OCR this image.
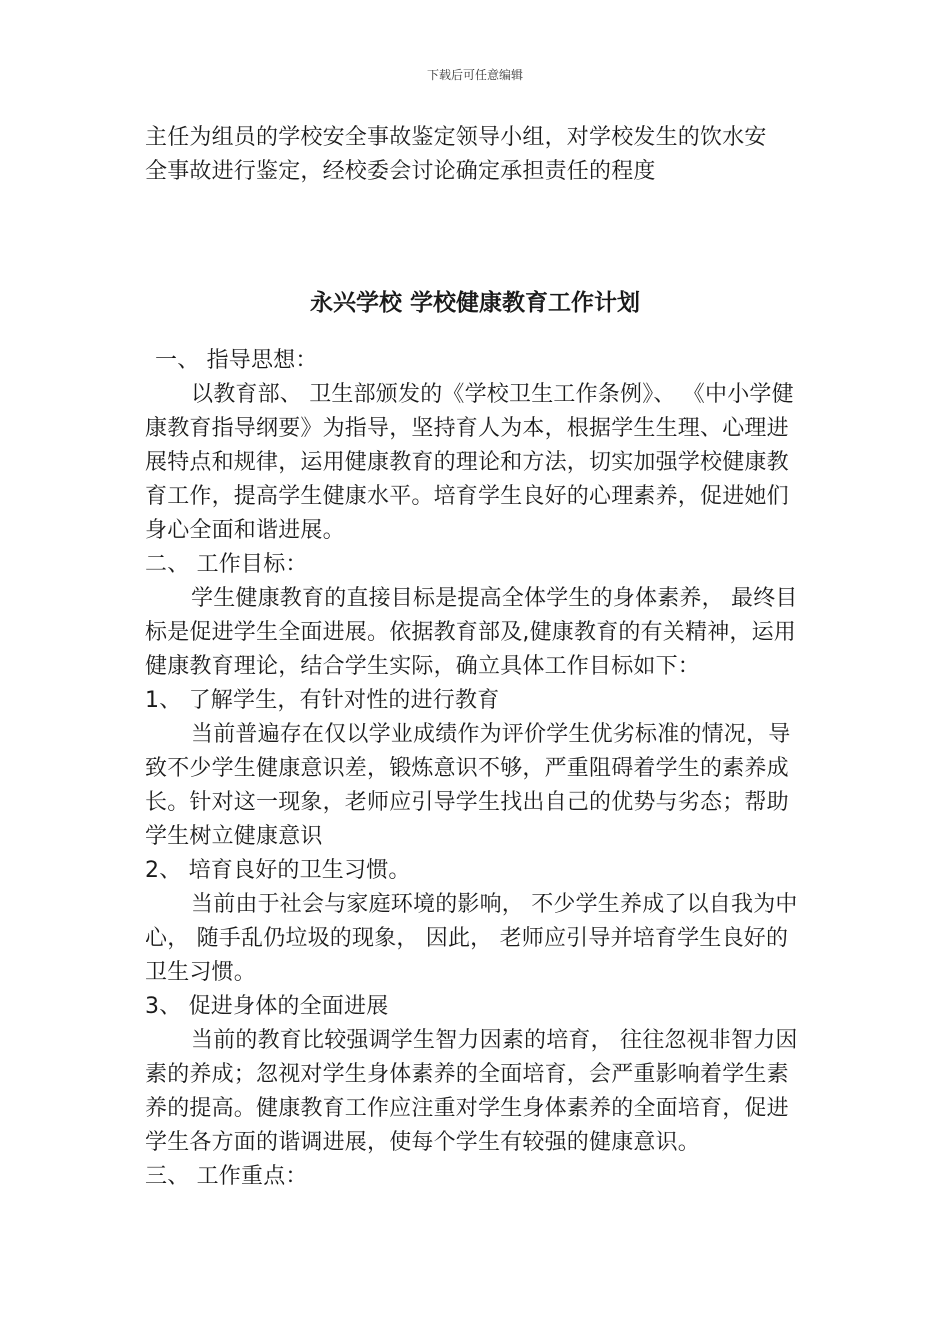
下载后可任意编辑

主任为组员的学校安全事故鉴定领导小组，对学校发生的饮水安

全事故进行鉴定，经校委会讨论确定承担责任的程度

永兴学校 学校健康教育工作计划

一、 指导思想：

以教育部、 卫生部颁发的《学校卫生工作条例》、 《中小学健康教育指导纲要》为指导，坚持育人为本，根据学生生理、心理进展特点和规律，运用健康教育的理论和方法，切实加强学校健康教育工作，提高学生健康水平。培育学生良好的心理素养，促进她们身心全面和谐进展。

二、 工作目标：

学生健康教育的直接目标是提高全体学生的身体素养， 最终目标是促进学生全面进展。依据教育部及,健康教育的有关精神，运用健康教育理论，结合学生实际，确立具体工作目标如下：

1、 了解学生，有针对性的进行教育

当前普遍存在仅以学业成绩作为评价学生优劣标准的情况，导致不少学生健康意识差，锻炼意识不够，严重阻碍着学生的素养成长。针对这一现象，老师应引导学生找出自己的优势与劣态；帮助学生树立健康意识

2、 培育良好的卫生习惯。

当前由于社会与家庭环境的影响， 不少学生养成了以自我为中心， 随手乱仍垃圾的现象， 因此， 老师应引导并培育学生良好的卫生习惯。

3、 促进身体的全面进展

当前的教育比较强调学生智力因素的培育， 往往忽视非智力因素的养成；忽视对学生身体素养的全面培育，会严重影响着学生素养的提高。健康教育工作应注重对学生身体素养的全面培育，促进学生各方面的谐调进展，使每个学生有较强的健康意识。

三、 工作重点：
